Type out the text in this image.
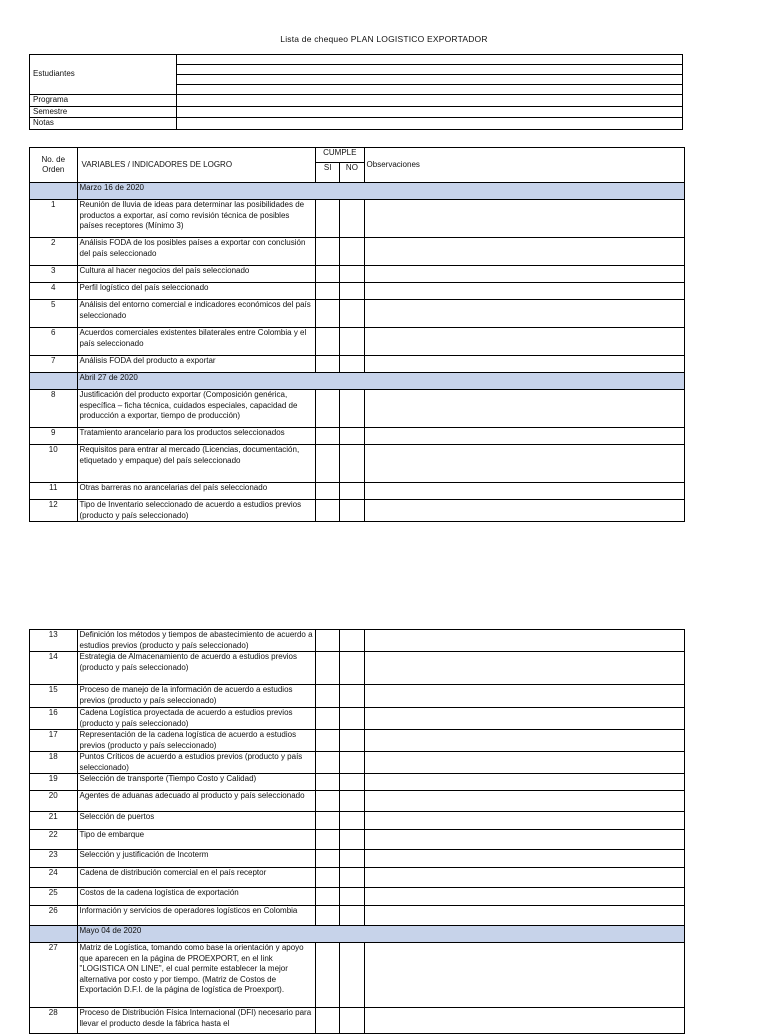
Lista de chequeo PLAN LOGISTICO EXPORTADOR
Estudiantes	

Programa	
Semestre	
Notas	
No. de Orden	VARIABLES / INDICADORES DE LOGRO	CUMPLE		Observaciones
		SI	NO	
	Marzo 16 de 2020			
1	Reunión de lluvia de ideas para determinar las posibilidades de productos a exportar, así como revisión técnica de posibles países receptores (Mínimo 3)			
2	Análisis FODA de los posibles países a exportar con conclusión del país seleccionado			
3	Cultura al hacer negocios del país seleccionado			
4	Perfil logístico del país seleccionado			
5	Análisis del entorno comercial e indicadores económicos del país seleccionado			
6	Acuerdos comerciales existentes bilaterales entre Colombia y el país seleccionado			
7	Análisis FODA del producto a exportar			
	Abril 27 de 2020			
8	Justificación del producto exportar (Composición genérica, específica – ficha técnica, cuidados especiales, capacidad de producción a exportar, tiempo de producción)			
9	Tratamiento arancelario para los productos seleccionados			
10	Requisitos para entrar al mercado (Licencias, documentación, etiquetado y empaque) del país seleccionado			
11	Otras barreras no arancelarias del país seleccionado			
12	Tipo de Inventario seleccionado de acuerdo a estudios previos (producto y país seleccionado)			
13	Definición los métodos y tiempos de abastecimiento de acuerdo a estudios previos (producto y país seleccionado)			
14	Estrategia de Almacenamiento de acuerdo a estudios previos (producto y país seleccionado)			
15	Proceso de manejo de la información de acuerdo a estudios previos (producto y país seleccionado)			
16	Cadena Logística proyectada de acuerdo a estudios previos (producto y país seleccionado)			
17	Representación de la cadena logística de acuerdo a estudios previos (producto y país seleccionado)			
18	Puntos Críticos de acuerdo a estudios previos (producto y país seleccionado)			
19	Selección de transporte (Tiempo Costo y Calidad)			
20	Agentes de aduanas adecuado al producto y país seleccionado			
21	Selección de puertos			
22	Tipo de embarque			
23	Selección y justificación de Incoterm			
24	Cadena de distribución comercial en el país receptor			
25	Costos de la cadena logística de exportación			
26	Información y servicios de operadores logísticos en Colombia			
	Mayo 04 de 2020			
27	Matriz de Logística, tomando como base la orientación y apoyo que aparecen en la página de PROEXPORT, en el link "LOGISTICA ON LINE", el cual permite establecer la mejor alternativa por costo y por tiempo. (Matriz de Costos de Exportación D.F.I. de la página de logística de Proexport).			
28	Proceso de Distribución Física Internacional (DFI) necesario para llevar el producto desde la fábrica hasta el			
